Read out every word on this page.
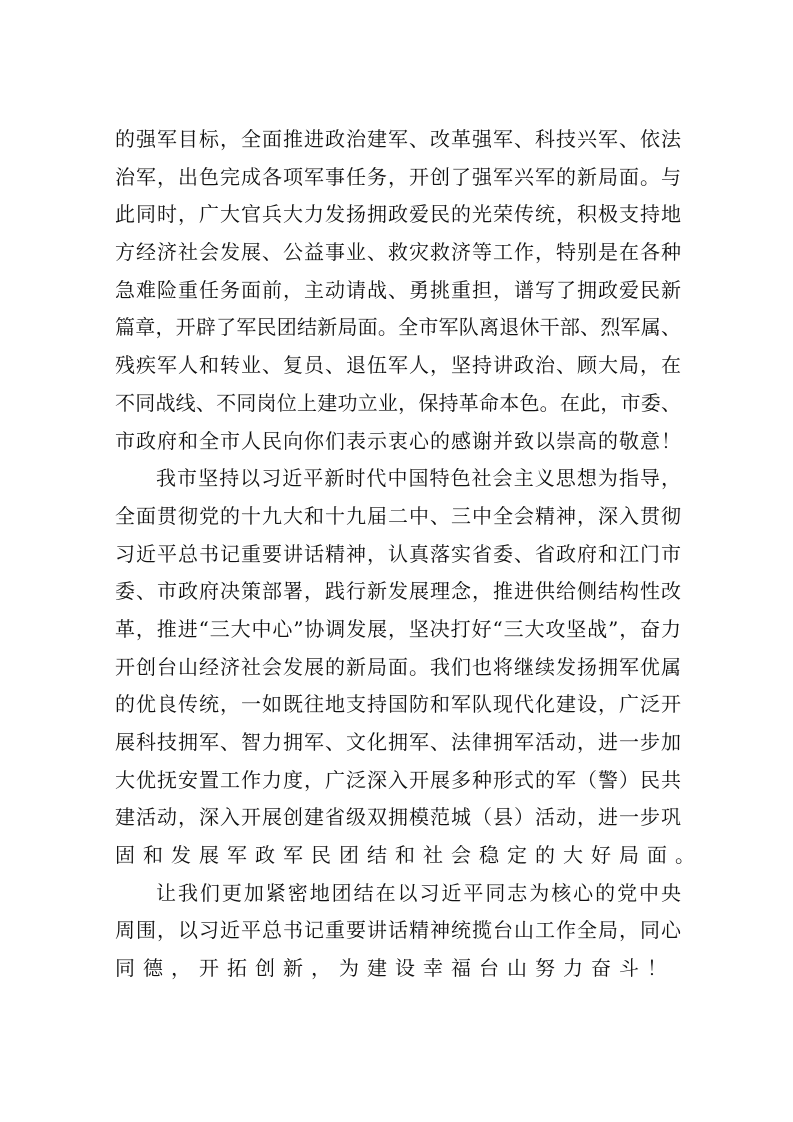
的强军目标，全面推进政治建军、改革强军、科技兴军、依法
治军，出色完成各项军事任务，开创了强军兴军的新局面。与
此同时，广大官兵大力发扬拥政爱民的光荣传统，积极支持地
方经济社会发展、公益事业、救灾救济等工作，特别是在各种
急难险重任务面前，主动请战、勇挑重担，谱写了拥政爱民新
篇章，开辟了军民团结新局面。全市军队离退休干部、烈军属、
残疾军人和转业、复员、退伍军人，坚持讲政治、顾大局，在
不同战线、不同岗位上建功立业，保持革命本色。在此，市委、
市政府和全市人民向你们表示衷心的感谢并致以崇高的敬意！
我市坚持以习近平新时代中国特色社会主义思想为指导，
全面贯彻党的十九大和十九届二中、三中全会精神，深入贯彻
习近平总书记重要讲话精神，认真落实省委、省政府和江门市
委、市政府决策部署，践行新发展理念，推进供给侧结构性改
革，推进“三大中心”协调发展，坚决打好“三大攻坚战”，奋力
开创台山经济社会发展的新局面。我们也将继续发扬拥军优属
的优良传统，一如既往地支持国防和军队现代化建设，广泛开
展科技拥军、智力拥军、文化拥军、法律拥军活动，进一步加
大优抚安置工作力度，广泛深入开展多种形式的军（警）民共
建活动，深入开展创建省级双拥模范城（县）活动，进一步巩
固和发展军政军民团结和社会稳定的大好局面。
让我们更加紧密地团结在以习近平同志为核心的党中央
周围，以习近平总书记重要讲话精神统揽台山工作全局，同心
同德，开拓创新，为建设幸福台山努力奋斗！
